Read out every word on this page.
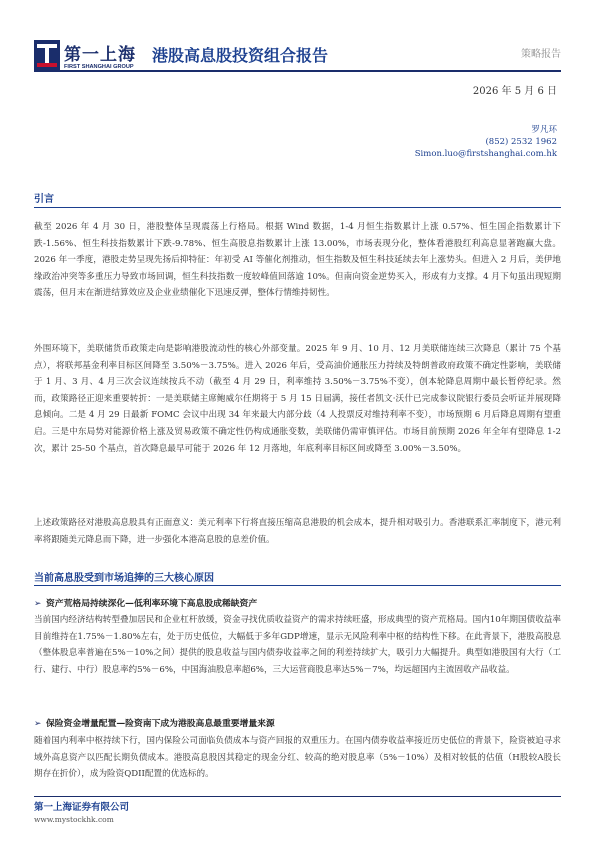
第一上海
FIRST SHANGHAI GROUP
港股高息股投资组合报告	策略报告
2026 年 5 月 6 日
罗凡环
(852) 2532 1962
Simon.luo@firstshanghai.com.hk
引言

截至 2026 年 4 月 30 日，港股整体呈现震荡上行格局。根据 Wind 数据，1-4 月恒生指数累计上涨 0.57%、恒生国企指数累计下跌-1.56%、恒生科技指数累计下跌-9.78%、恒生高股息指数累计上涨 13.00%，市场表现分化，整体看港股红利高息显著跑赢大盘。2026 年一季度，港股走势呈现先扬后抑特征：年初受 AI 等催化剂推动，恒生指数及恒生科技延续去年上涨势头。但进入 2 月后，美伊地缘政治冲突等多重压力导致市场回调，恒生科技指数一度较峰值回落逾 10%。但南向资金逆势买入，形成有力支撑。4 月下旬虽出现短期震荡，但月末在渐进结算效应及企业业绩催化下迅速反弹，整体行情维持韧性。

外围环境下，美联储货币政策走向是影响港股流动性的核心外部变量。2025 年 9 月、10 月、12 月美联储连续三次降息（累计 75 个基点），将联邦基金利率目标区间降至 3.50%－3.75%。进入 2026 年后，受高油价通胀压力持续及特朗普政府政策不确定性影响，美联储于 1 月、3 月、4 月三次会议连续按兵不动（截至 4 月 29 日，利率维持 3.50%－3.75%不变），创本轮降息周期中最长暂停纪录。然而，政策路径正迎来重要转折：一是美联储主席鲍威尔任期将于 5 月 15 日届满，接任者凯文·沃什已完成参议院银行委员会听证并展现降息倾向。二是 4 月 29 日最新 FOMC 会议中出现 34 年来最大内部分歧（4 人投票反对维持利率不变），市场预期 6 月后降息周期有望重启。三是中东局势对能源价格上涨及贸易政策不确定性仍构成通胀变数，美联储仍需审慎评估。市场目前预期 2026 年全年有望降息 1-2 次，累计 25-50 个基点，首次降息最早可能于 2026 年 12 月落地，年底利率目标区间或降至 3.00%－3.50%。

上述政策路径对港股高息股具有正面意义：美元利率下行将直接压缩高息港股的机会成本，提升相对吸引力。香港联系汇率制度下，港元利率将跟随美元降息而下降，进一步强化本港高息股的息差价值。

当前高息股受到市场追捧的三大核心原因
➢ 资产荒格局持续深化—低利率环境下高息股成稀缺资产

当前国内经济结构转型叠加居民和企业杠杆放缓，资金寻找优质收益资产的需求持续旺盛，形成典型的资产荒格局。国内10年期国债收益率目前维持在1.75%－1.80%左右，处于历史低位，大幅低于多年GDP增速，显示无风险利率中枢的结构性下移。在此背景下，港股高股息（整体股息率普遍在5%－10%之间）提供的股息收益与国内债券收益率之间的利差持续扩大，吸引力大幅提升。典型如港股国有大行（工行、建行、中行）股息率约5%－6%，中国海油股息率超6%，三大运营商股息率达5%－7%，均远超国内主流固收产品收益。

➢ 保险资金增量配置—险资南下成为港股高息最重要增量来源

随着国内利率中枢持续下行，国内保险公司面临负债成本与资产回报的双重压力。在国内债券收益率接近历史低位的背景下，险资被迫寻求域外高息资产以匹配长期负债成本。港股高息股因其稳定的现金分红、较高的绝对股息率（5%－10%）及相对较低的估值（H股较A股长期存在折价），成为险资QDII配置的优选标的。

第一上海证券有限公司
www.mystockhk.com
